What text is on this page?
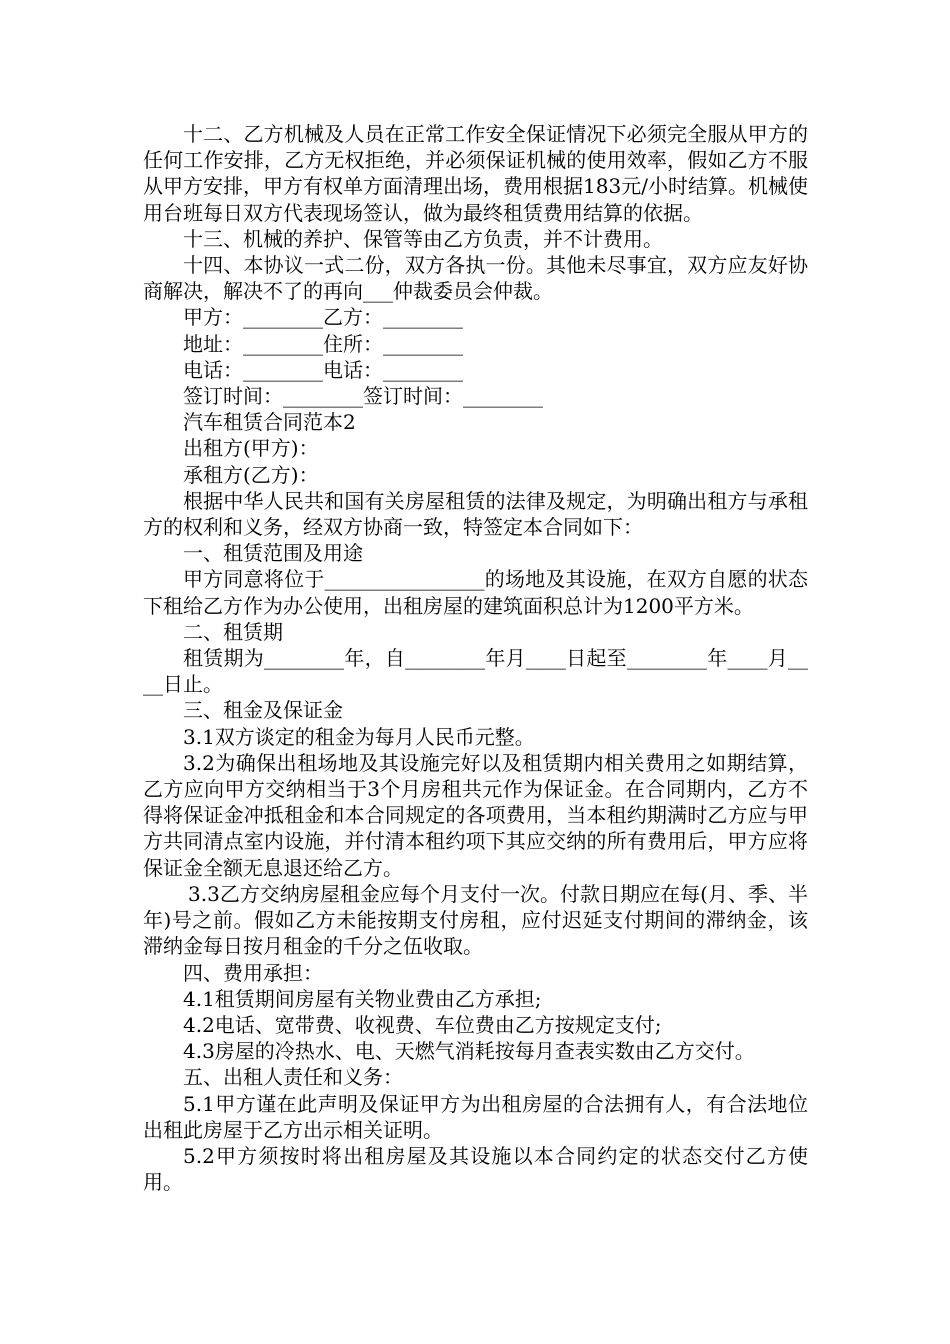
十二、乙方机械及人员在正常工作安全保证情况下必须完全服从甲方的任何工作安排，乙方无权拒绝，并必须保证机械的使用效率，假如乙方不服从甲方安排，甲方有权单方面清理出场，费用根据183元/小时结算。机械使用台班每日双方代表现场签认，做为最终租赁费用结算的依据。

十三、机械的养护、保管等由乙方负责，并不计费用。

十四、本协议一式二份，双方各执一份。其他未尽事宜，双方应友好协商解决，解决不了的再向___仲裁委员会仲裁。

甲方：________乙方：________

地址：________住所：________

电话：________电话：________

签订时间：________签订时间：________

汽车租赁合同范本2

出租方(甲方)：

承租方(乙方)：

根据中华人民共和国有关房屋租赁的法律及规定，为明确出租方与承租方的权利和义务，经双方协商一致，特签定本合同如下：

一、租赁范围及用途

甲方同意将位于________________的场地及其设施，在双方自愿的状态下租给乙方作为办公使用，出租房屋的建筑面积总计为1200平方米。

二、租赁期

租赁期为________年，自________年月____日起至________年____月____日止。

三、租金及保证金

3.1双方谈定的租金为每月人民币元整。

3.2为确保出租场地及其设施完好以及租赁期内相关费用之如期结算，乙方应向甲方交纳相当于3个月房租共元作为保证金。在合同期内，乙方不得将保证金冲抵租金和本合同规定的各项费用，当本租约期满时乙方应与甲方共同清点室内设施，并付清本租约项下其应交纳的所有费用后，甲方应将保证金全额无息退还给乙方。

3.3乙方交纳房屋租金应每个月支付一次。付款日期应在每(月、季、半年)号之前。假如乙方未能按期支付房租，应付迟延支付期间的滞纳金，该滞纳金每日按月租金的千分之伍收取。

四、费用承担：

4.1租赁期间房屋有关物业费由乙方承担;

4.2电话、宽带费、收视费、车位费由乙方按规定支付;

4.3房屋的冷热水、电、天燃气消耗按每月查表实数由乙方交付。

五、出租人责任和义务：

5.1甲方谨在此声明及保证甲方为出租房屋的合法拥有人，有合法地位出租此房屋于乙方出示相关证明。

5.2甲方须按时将出租房屋及其设施以本合同约定的状态交付乙方使用。
